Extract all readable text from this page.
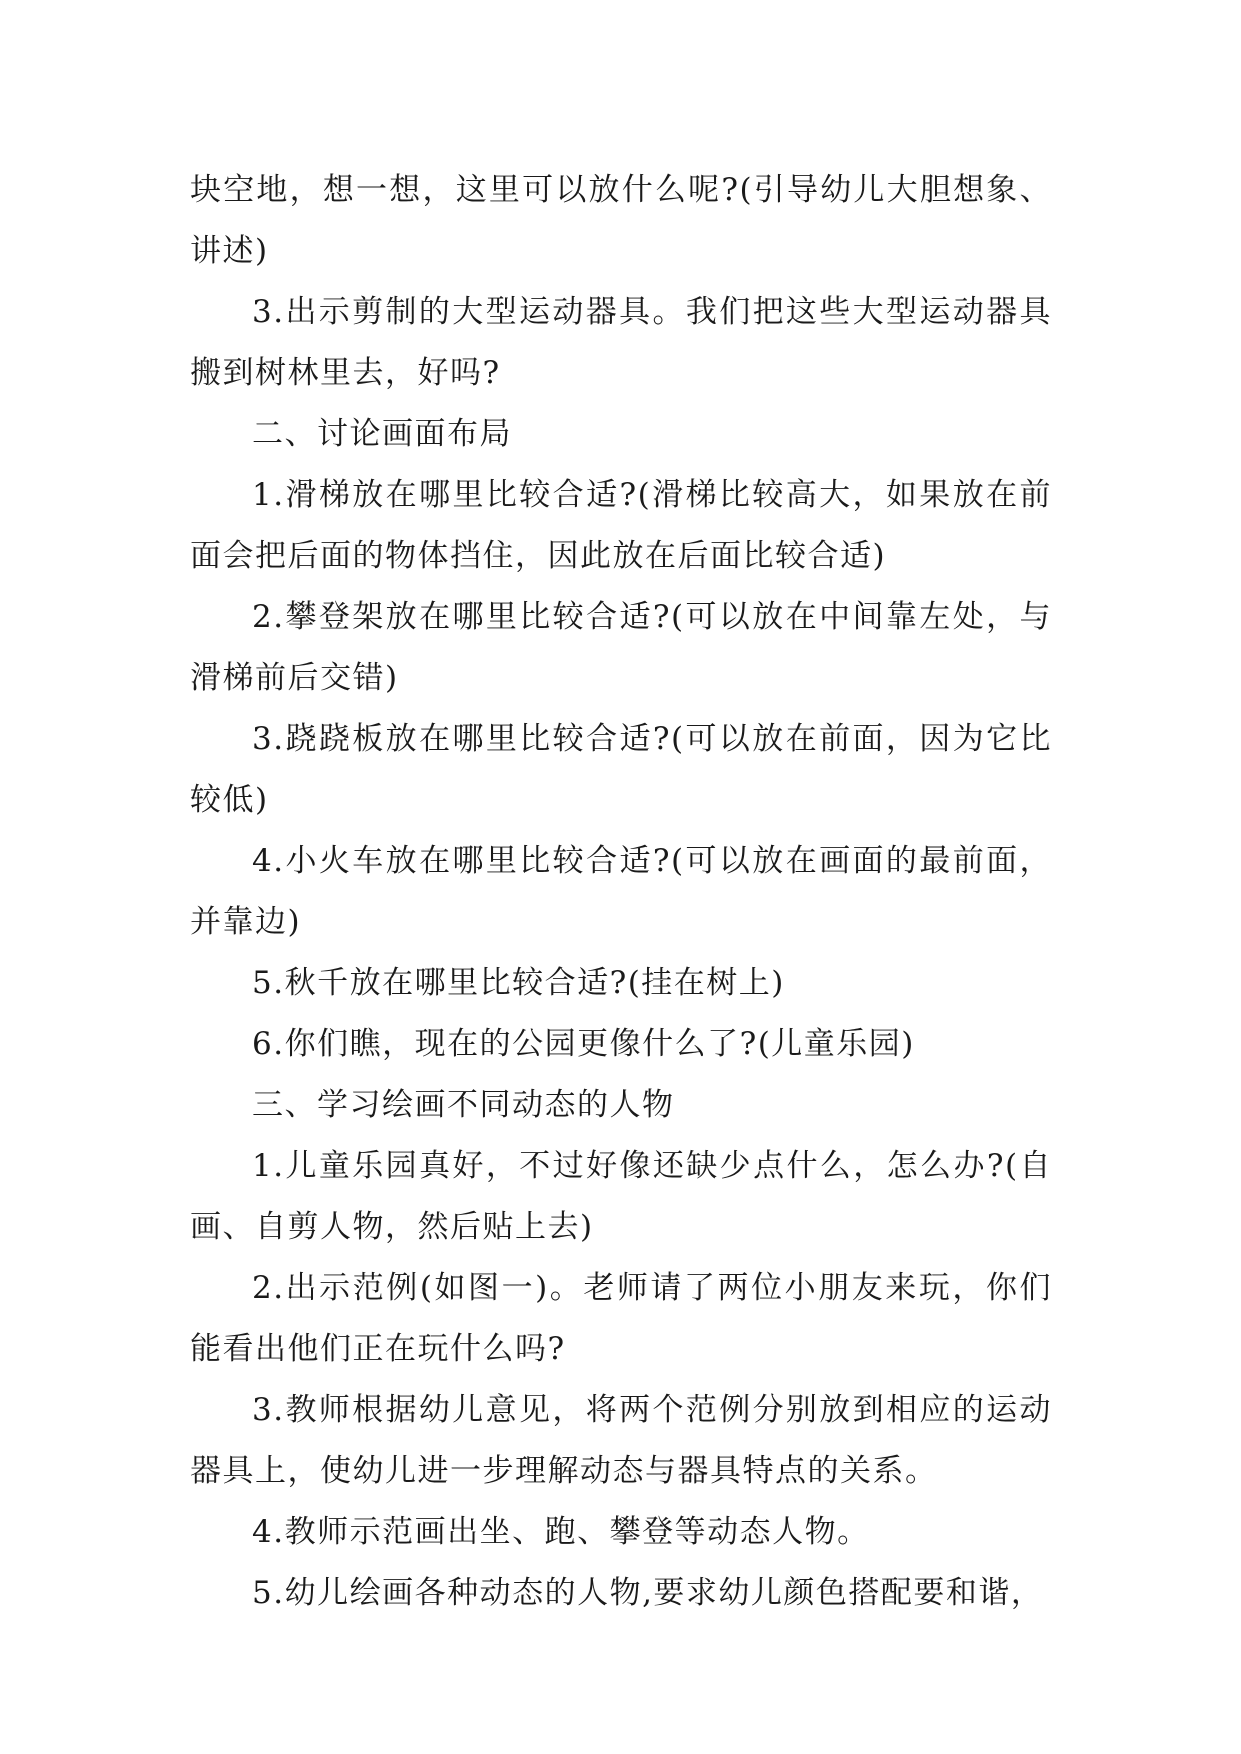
块空地，想一想，这里可以放什么呢?(引导幼儿大胆想象、讲述)

3.出示剪制的大型运动器具。我们把这些大型运动器具搬到树林里去，好吗?

二、讨论画面布局

1.滑梯放在哪里比较合适?(滑梯比较高大，如果放在前面会把后面的物体挡住，因此放在后面比较合适)

2.攀登架放在哪里比较合适?(可以放在中间靠左处，与滑梯前后交错)

3.跷跷板放在哪里比较合适?(可以放在前面，因为它比较低)

4.小火车放在哪里比较合适?(可以放在画面的最前面，并靠边)

5.秋千放在哪里比较合适?(挂在树上)

6.你们瞧，现在的公园更像什么了?(儿童乐园)

三、学习绘画不同动态的人物

1.儿童乐园真好，不过好像还缺少点什么，怎么办?(自画、自剪人物，然后贴上去)

2.出示范例(如图一)。老师请了两位小朋友来玩，你们能看出他们正在玩什么吗?

3.教师根据幼儿意见，将两个范例分别放到相应的运动器具上，使幼儿进一步理解动态与器具特点的关系。

4.教师示范画出坐、跑、攀登等动态人物。

5.幼儿绘画各种动态的人物,要求幼儿颜色搭配要和谐，
